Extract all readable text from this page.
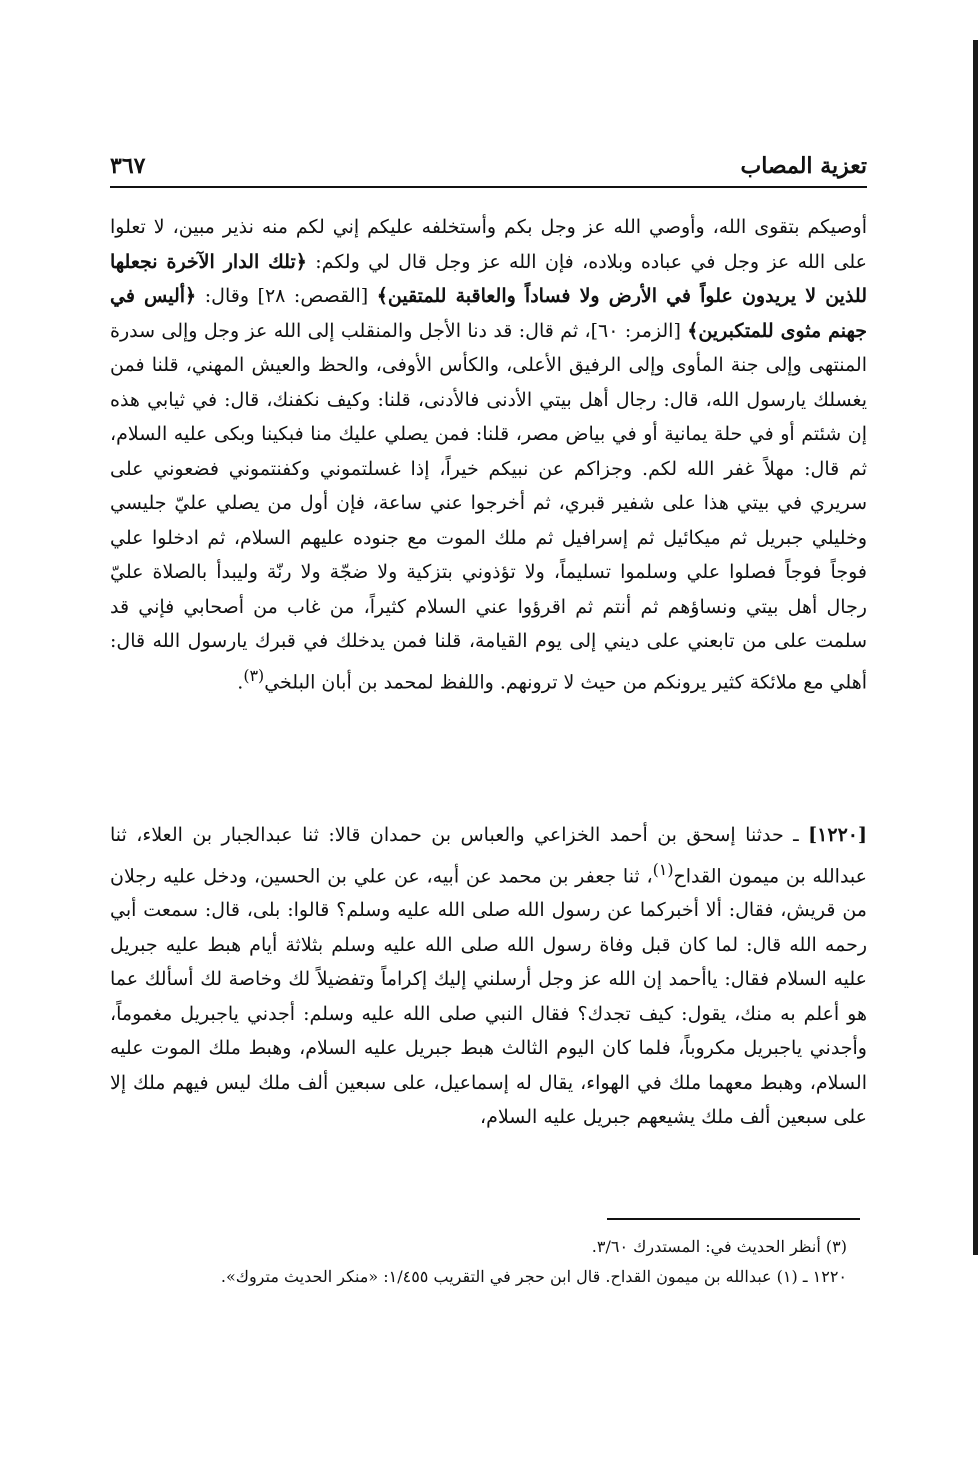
تعزية المصاب
٣٦٧

أوصيكم بتقوى الله، وأوصي الله عز وجل بكم وأستخلفه عليكم إني لكم منه نذير مبين، لا تعلوا على الله عز وجل في عباده وبلاده، فإن الله عز وجل قال لي ولكم: ﴿تلك الدار الآخرة نجعلها للذين لا يريدون علواً في الأرض ولا فساداً والعاقبة للمتقين﴾ [القصص: ٢٨] وقال: ﴿أليس في جهنم مثوى للمتكبرين﴾ [الزمر: ٦٠]، ثم قال: قد دنا الأجل والمنقلب إلى الله عز وجل وإلى سدرة المنتهى وإلى جنة المأوى وإلى الرفيق الأعلى، والكأس الأوفى، والحظ والعيش المهني، قلنا فمن يغسلك يارسول الله، قال: رجال أهل بيتي الأدنى فالأدنى، قلنا: وكيف نكفنك، قال: في ثيابي هذه إن شئتم أو في حلة يمانية أو في بياض مصر، قلنا: فمن يصلي عليك منا فبكينا وبكى عليه السلام، ثم قال: مهلاً غفر الله لكم. وجزاكم عن نبيكم خيراً، إذا غسلتموني وكفنتموني فضعوني على سريري في بيتي هذا على شفير قبري، ثم أخرجوا عني ساعة، فإن أول من يصلي عليّ جليسي وخليلي جبريل ثم ميكائيل ثم إسرافيل ثم ملك الموت مع جنوده عليهم السلام، ثم ادخلوا علي فوجاً فوجاً فصلوا علي وسلموا تسليماً، ولا تؤذوني بتزكية ولا ضجّة ولا رنّة وليبدأ بالصلاة عليّ رجال أهل بيتي ونساؤهم ثم أنتم ثم اقرؤوا عني السلام كثيراً، من غاب من أصحابي فإني قد سلمت على من تابعني على ديني إلى يوم القيامة، قلنا فمن يدخلك في قبرك يارسول الله قال: أهلي مع ملائكة كثير يرونكم من حيث لا ترونهم. واللفظ لمحمد بن أبان البلخي$^{(٣)}$.

[١٢٢٠] ـ حدثنا إسحق بن أحمد الخزاعي والعباس بن حمدان قالا: ثنا عبدالجبار بن العلاء، ثنا عبدالله بن ميمون القداح$^{(١)}$، ثنا جعفر بن محمد عن أبيه، عن علي بن الحسين، ودخل عليه رجلان من قريش، فقال: ألا أخبركما عن رسول الله صلى الله عليه وسلم؟ قالوا: بلى، قال: سمعت أبي رحمه الله قال: لما كان قبل وفاة رسول الله صلى الله عليه وسلم بثلاثة أيام هبط عليه جبريل عليه السلام فقال: ياأحمد إن الله عز وجل أرسلني إليك إكراماً وتفضيلاً لك وخاصة لك أسألك عما هو أعلم به منك، يقول: كيف تجدك؟ فقال النبي صلى الله عليه وسلم: أجدني ياجبريل مغموماً، وأجدني ياجبريل مكروباً، فلما كان اليوم الثالث هبط جبريل عليه السلام، وهبط ملك الموت عليه السلام، وهبط معهما ملك في الهواء، يقال له إسماعيل، على سبعين ألف ملك ليس فيهم ملك إلا على سبعين ألف ملك يشيعهم جبريل عليه السلام،

(٣) أنظر الحديث في: المستدرك ٣/٦٠.

١٢٢٠ ـ (١) عبدالله بن ميمون القداح. قال ابن حجر في التقريب ١/٤٥٥: «منكر الحديث متروك».
